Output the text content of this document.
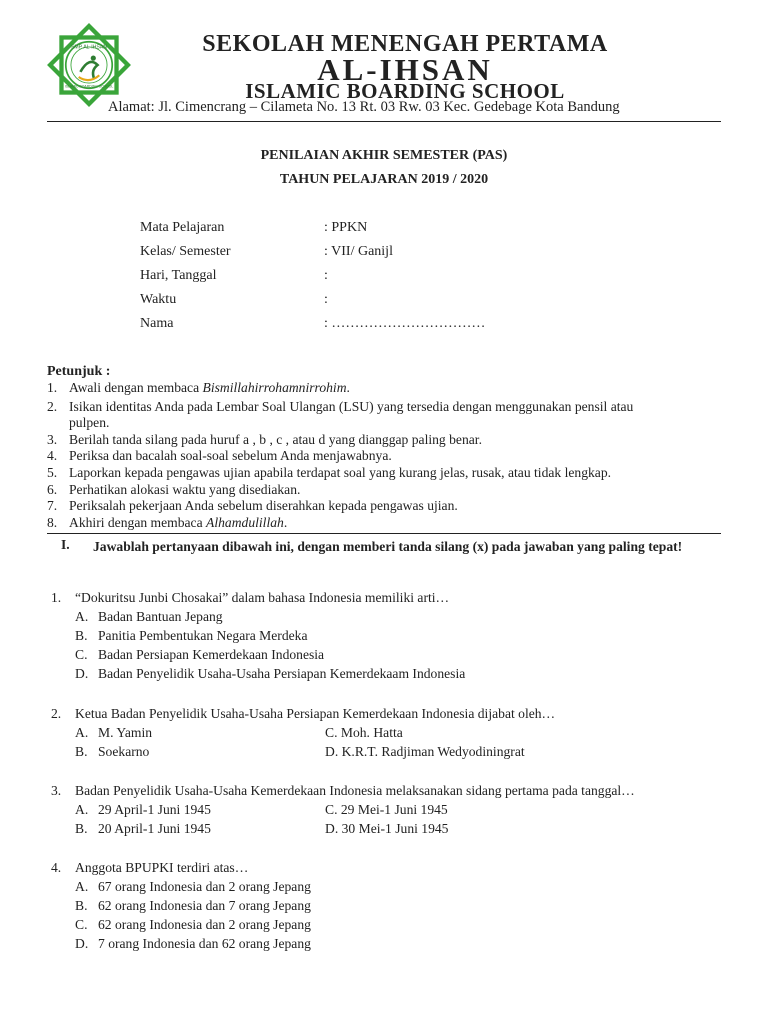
SMP AL-IHSAN
ISLAMIC BOARDING SCHOOL
SEKOLAH MENENGAH PERTAMA
AL-IHSAN
ISLAMIC BOARDING SCHOOL
Alamat: Jl. Cimencrang – Cilameta No. 13 Rt. 03 Rw. 03 Kec. Gedebage Kota Bandung
PENILAIAN AKHIR SEMESTER (PAS)
TAHUN PELAJARAN 2019 / 2020
Mata Pelajaran	: PPKN
Kelas/ Semester	: VII/ Ganijl
Hari, Tanggal	:
Waktu	:
Nama	: ……………………………
Petunjuk :
1. Awali dengan membaca Bismillahirrohamnirrohim.
2. Isikan identitas Anda pada Lembar Soal Ulangan (LSU) yang tersedia dengan menggunakan pensil atau
pulpen.
3. Berilah tanda silang pada huruf a , b , c , atau d yang dianggap paling benar.
4. Periksa dan bacalah soal-soal sebelum Anda menjawabnya.
5. Laporkan kepada pengawas ujian apabila terdapat soal yang kurang jelas, rusak, atau tidak lengkap.
6. Perhatikan alokasi waktu yang disediakan.
7. Periksalah pekerjaan Anda sebelum diserahkan kepada pengawas ujian.
8. Akhiri dengan membaca Alhamdulillah.
I. Jawablah pertanyaan dibawah ini, dengan memberi tanda silang (x) pada jawaban yang paling tepat!
1. “Dokuritsu Junbi Chosakai” dalam bahasa Indonesia memiliki arti…
A. Badan Bantuan Jepang
B. Panitia Pembentukan Negara Merdeka
C. Badan Persiapan Kemerdekaan Indonesia
D. Badan Penyelidik Usaha-Usaha Persiapan Kemerdekaam Indonesia
2. Ketua Badan Penyelidik Usaha-Usaha Persiapan Kemerdekaan Indonesia dijabat oleh…
A. M. Yamin	C. Moh. Hatta
B. Soekarno	D. K.R.T. Radjiman Wedyodiningrat
3. Badan Penyelidik Usaha-Usaha Kemerdekaan Indonesia melaksanakan sidang pertama pada tanggal…
A. 29 April-1 Juni 1945	C. 29 Mei-1 Juni 1945
B. 20 April-1 Juni 1945	D. 30 Mei-1 Juni 1945
4. Anggota BPUPKI terdiri atas…
A. 67 orang Indonesia dan 2 orang Jepang
B. 62 orang Indonesia dan 7 orang Jepang
C. 62 orang Indonesia dan 2 orang Jepang
D. 7 orang Indonesia dan 62 orang Jepang
